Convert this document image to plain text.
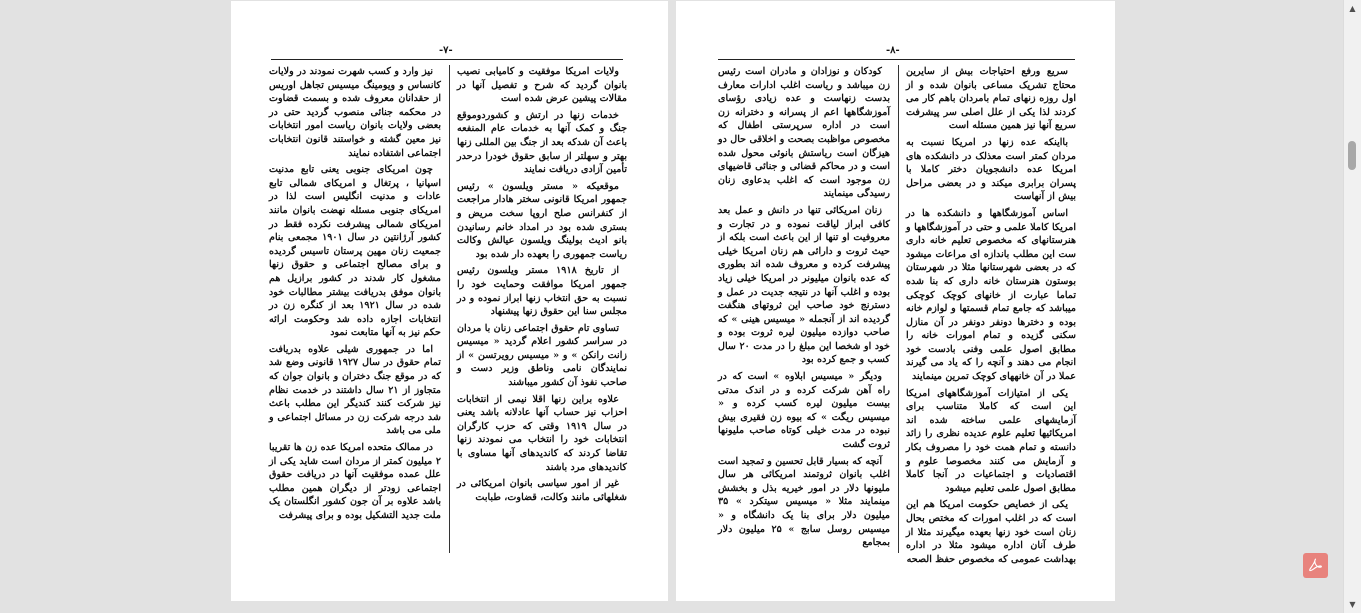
-٧-

ولایات امریکا موفقیت و کامیابی نصیب بانوان گردید که شرح و تفصیل آنها در مقالات پیشین عرض شده است

خدمات زنها در ارتش و کشوردوموقع جنگ و کمک آنها به خدمات عام المنفعه باعث آن شدکه بعد از جنگ بین المللی زنها بهتر و سهلتر از سابق حقوق خودرا درحدر تأمین آزادی دریافت نمایند

موقعیکه « مستر ویلسون » رئیس جمهور امریکا قانونی سختر هادار مراجعت از کنفرانس صلح اروپا سخت مریض و بستری شده بود در امداد خانم رسانیدن بانو ادیث بولینگ ویلسون عیالش وکالت ریاست جمهوری را بعهده دار شده بود

از تاریخ ۱۹۱۸ مستر ویلسون رئیس جمهور امریکا موافقت وحمایت خود را نسبت به حق انتخاب زنها ابراز نموده و در مجلس سنا این حقوق زنها پیشنهاد

تساوی تام حقوق اجتماعی زنان با مردان در سراسر کشور اعلام گردید « میسیس زانت رانکن » و « میسیس رویرتسن » از نمایندگان نامی وناطق وزیر دست و صاحب نفوذ آن کشور میباشند

علاوه براین زنها اقلا نیمی از انتخابات احزاب نیز حساب آنها عادلانه باشد یعنی در سال ۱۹۱۹ وقتی که حزب کارگران انتخابات خود را انتخاب می نمودند زنها تقاضا کردند که کاندیدهای آنها مساوی با کاندیدهای مرد باشند

غیر از امور سیاسی بانوان امریکائی در شغلهائی مانند وکالت، قضاوت، طبابت

نیز وارد و کسب شهرت نمودند در ولایات کانساس و ویومینگ میسیس تجاهل اوریس از حقدانان معروف شده و بسمت قضاوت در محکمه جنائی منصوب گردید حتی در بعضی ولایات بانوان ریاست امور انتخابات نیز معین گشته و خواستند قانون انتخابات اجتماعی اشتفاده نمایند

چون امریکای جنوبی یعنی تابع مدنیت اسپانیا ، پرتغال و امریکای شمالی تابع عادات و مدنیت انگلیس است لذا در امریکای جنوبی مسئله نهضت بانوان مانند امریکای شمالی پیشرفت نکرده فقط در کشور آرژانتین در سال ۱۹۰۱ مجمعی بنام جمعیت زنان مهین پرستان تاسیس گردیده و برای مصالح اجتماعی و حقوق زنها مشغول کار شدند در کشور برازیل هم بانوان موفق بدریافت بیشتر مطالبات خود شده در سال ۱۹۲۱ بعد از کنگره زن در انتخابات اجازه داده شد وحکومت ارائه حکم نیز به آنها متابعت نمود

اما در جمهوری شیلی علاوه بدریافت تمام حقوق در سال ۱۹۲۷ قانونی وضع شد که در موقع جنگ دختران و بانوان جوان که متجاوز از ۲۱ سال داشتند در خدمت نظام نیز شرکت کنند کندیگر این مطلب باعث شد درجه شرکت زن در مسائل اجتماعی و ملی می باشد

در ممالک متحده امریکا عده زن ها تقریبا ۲ میلیون کمتر از مردان است شاید یکی از علل عمده موفقیت آنها در دریافت حقوق اجتماعی زودتر از دیگران همین مطلب باشد علاوه بر آن جون کشور انگلستان یک ملت جدید التشکیل بوده و برای پیشرفت

-٨-

سریع ورفع احتیاجات بیش از سایرین محتاج تشریک مساعی بانوان شده و از اول روزه زنهای تمام بامردان باهم کار می کردند لذا یکی از علل اصلی سر پیشرفت سریع آنها نیز همین مسئله است

بااینکه عده زنها در امریکا نسبت به مردان کمتر است معذلک در دانشکده های امریکا عده دانشجویان دختر کاملا با پسران برابری میکند و در بعضی مراحل بیش از آنهاست

اساس آموزشگاهها و دانشکده ها در امریکا کاملا علمی و حتی در آموزشگاهها و هنرستانهای که مخصوص تعلیم خانه داری ست این مطلب باندازه ای مراعات میشود که در بعضی شهرستانها مثلا در شهرستان بوستون هنرستان خانه داری که بنا شده تماما عبارت از خانهای کوچک کوچکی میباشد که جامع تمام قسمتها و لوازم خانه بوده و دخترها دونفر دونفر در آن منازل سکنی گزیده و تمام امورات خانه را مطابق اصول علمی وفنی بادست خود انجام می دهند و آنچه را که یاد می گیرند عملا در آن خانههای کوچک تمرین مینمایند

یکی از امتیازات آموزشگاههای امریکا این است که کاملا متناسب برای آزمایشهای علمی ساخته شده اند امریکائیها تعلیم علوم عدیده نظری را زائد دانسته و تمام همت خود را مصروف بکار و آزمایش می کنند مخصوصا علوم و اقتصادیات و اجتماعیات در آنجا کاملا مطابق اصول علمی تعلیم میشود

یکی از خصایص حکومت امریکا هم این است که در اغلب امورات که مختص بحال زنان است خود زنها بعهده میگیرند مثلا از طرف آنان اداره میشود مثلا در اداره بهداشت عمومی که مخصوص حفظ الصحه

کودکان و نوزادان و مادران است رئیس زن میباشد و ریاست اغلب ادارات معارف بدست زنهاست و عده زیادی رؤسای آموزشگاهها اعم از پسرانه و دخترانه زن است در اداره سرپرستی اطفال که مخصوص مواظبت بصحت و اخلاقی حال دو هیزگان است ریاستش بانوئی محول شده است و در محاکم قضائی و جنائی قاضیهای زن موجود است که اغلب بدعاوی زنان رسیدگی مینمایند

زنان امریکائی تنها در دانش و عمل بعد کافی ابراز لیاقت نموده و در تجارت و معروفیت او تنها از این باعث است بلکه از حیث ثروت و دارائی هم زنان امریکا خیلی پیشرفت کرده و معروف شده اند بطوری که عده بانوان میلیونر در امریکا خیلی زیاد بوده و اغلب آنها در نتیجه جدیت در عمل و دسترنج خود صاحب این ثروتهای هنگفت گردیده اند از آنجمله « میسیس هینی » که صاحب دوازده میلیون لیره ثروت بوده و خود او شخصا این مبلغ را در مدت ۲۰ سال کسب و جمع کرده بود

ودیگر « میسیس ابلاوه » است که در راه آهن شرکت کرده و در اندک مدتی بیست میلیون لیره کسب کرده و « میسیس ریگت » که بیوه زن فقیری بیش نبوده در مدت خیلی کوتاه صاحب ملیونها ثروت گشت

آنچه که بسیار قابل تحسین و تمجید است اغلب بانوان ثروتمند امریکائی هر سال ملیونها دلار در امور خیریه بذل و بخشش مینمایند مثلا « میسیس سیتکرد » ۳۵ میلیون دلار برای بنا یک دانشگاه و « میسیس روسل سابج » ۲۵ میلیون دلار بمجامع

▲
▼
